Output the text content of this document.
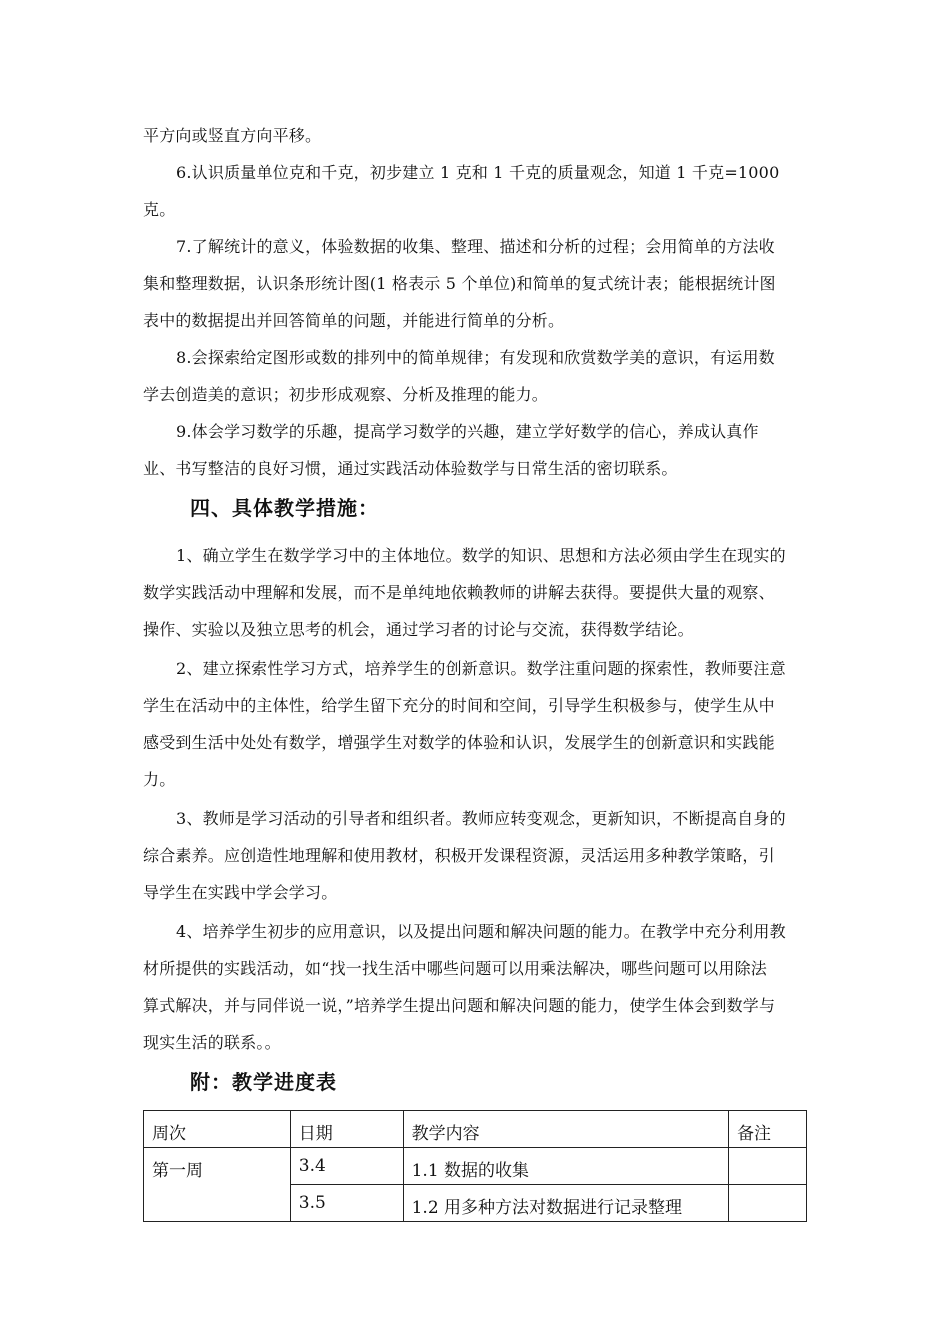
平方向或竖直方向平移。
6.认识质量单位克和千克，初步建立 1 克和 1 千克的质量观念，知道 1 千克=1000
克。
7.了解统计的意义，体验数据的收集、整理、描述和分析的过程；会用简单的方法收
集和整理数据，认识条形统计图(1 格表示 5 个单位)和简单的复式统计表；能根据统计图
表中的数据提出并回答简单的问题，并能进行简单的分析。
8.会探索给定图形或数的排列中的简单规律；有发现和欣赏数学美的意识，有运用数
学去创造美的意识；初步形成观察、分析及推理的能力。
9.体会学习数学的乐趣，提高学习数学的兴趣，建立学好数学的信心，养成认真作
业、书写整洁的良好习惯，通过实践活动体验数学与日常生活的密切联系。
四、具体教学措施：
1、确立学生在数学学习中的主体地位。数学的知识、思想和方法必须由学生在现实的
数学实践活动中理解和发展，而不是单纯地依赖教师的讲解去获得。要提供大量的观察、
操作、实验以及独立思考的机会，通过学习者的讨论与交流，获得数学结论。
2、建立探索性学习方式，培养学生的创新意识。数学注重问题的探索性，教师要注意
学生在活动中的主体性，给学生留下充分的时间和空间，引导学生积极参与，使学生从中
感受到生活中处处有数学，增强学生对数学的体验和认识，发展学生的创新意识和实践能
力。
3、教师是学习活动的引导者和组织者。教师应转变观念，更新知识，不断提高自身的
综合素养。应创造性地理解和使用教材，积极开发课程资源，灵活运用多种教学策略，引
导学生在实践中学会学习。
4、培养学生初步的应用意识，以及提出问题和解决问题的能力。在教学中充分利用教
材所提供的实践活动，如“找一找生活中哪些问题可以用乘法解决，哪些问题可以用除法
算式解决，并与同伴说一说，”培养学生提出问题和解决问题的能力，使学生体会到数学与
现实生活的联系。。
附：教学进度表
周次	日期	教学内容	备注
第一周	3.4	1.1 数据的收集	
	3.5	1.2 用多种方法对数据进行记录整理	
